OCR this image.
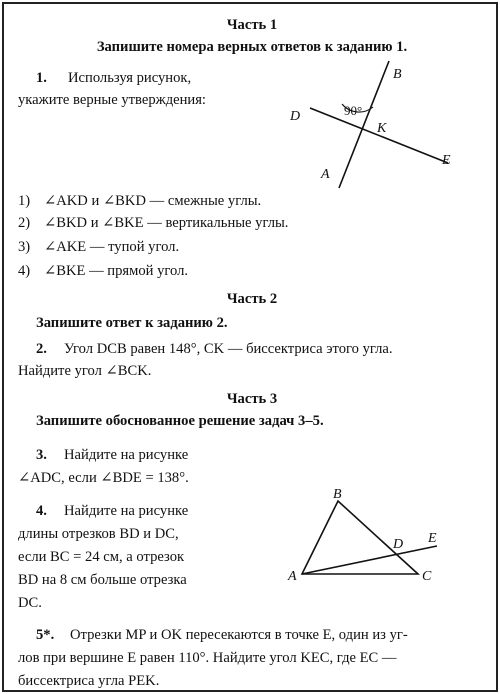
Часть 1
Запишите номера верных ответов к заданию 1.
1. Используя рисунок,
укажите верные утверждения:
B
D	90°
K
E
A
1) ∠AKD и ∠BKD — смежные углы.
2) ∠BKD и ∠BKE — вертикальные углы.
3) ∠AKE — тупой угол.
4) ∠BKE — прямой угол.
Часть 2
Запишите ответ к заданию 2.
2. Угол DCB равен 148°, CK — биссектриса этого угла.
Найдите угол ∠BCK.
Часть 3
Запишите обоснованное решение задач 3–5.
3. Найдите на рисунке
∠ADC, если ∠BDE = 138°.
4. Найдите на рисунке
длины отрезков BD и DC,
если BC = 24 см, а отрезок
BD на 8 см больше отрезка
DC.
B
D E
A	C
5*. Отрезки MP и OK пересекаются в точке E, один из уг-
лов при вершине E равен 110°. Найдите угол KEC, где EC —
биссектриса угла PEK.
